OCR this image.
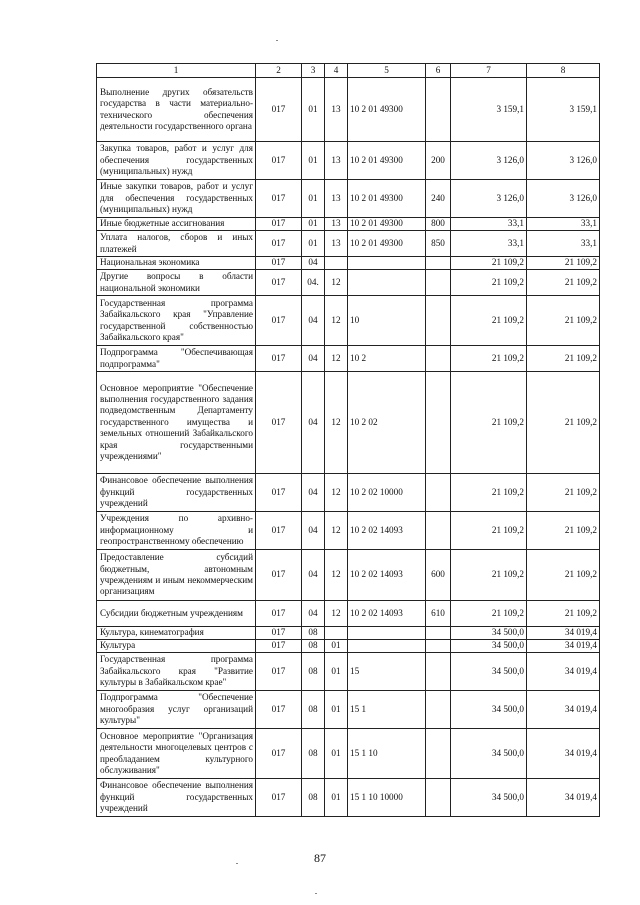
1	2	3	4	5	6	7	8
Выполнение других обязательств государства в части материально-технического обеспечения деятельности государственного органа	017	01	13	10 2 01 49300		3 159,1	3 159,1
Закупка товаров, работ и услуг для обеспечения государственных (муниципальных) нужд	017	01	13	10 2 01 49300	200	3 126,0	3 126,0
Иные закупки товаров, работ и услуг для обеспечения государственных (муниципальных) нужд	017	01	13	10 2 01 49300	240	3 126,0	3 126,0
Иные бюджетные ассигнования	017	01	13	10 2 01 49300	800	33,1	33,1
Уплата налогов, сборов и иных платежей	017	01	13	10 2 01 49300	850	33,1	33,1
Национальная экономика	017	04				21 109,2	21 109,2
Другие вопросы в области национальной экономики	017	04.	12			21 109,2	21 109,2
Государственная программа Забайкальского края "Управление государственной собственностью Забайкальского края"	017	04	12	10		21 109,2	21 109,2
Подпрограмма "Обеспечивающая подпрограмма"	017	04	12	10 2		21 109,2	21 109,2
Основное мероприятие "Обеспечение выполнения государственного задания подведомственным Департаменту государственного имущества и земельных отношений Забайкальского края государственными учреждениями"	017	04	12	10 2 02		21 109,2	21 109,2
Финансовое обеспечение выполнения функций государственных учреждений	017	04	12	10 2 02 10000		21 109,2	21 109,2
Учреждения по архивно-информационному и геопространственному обеспечению	017	04	12	10 2 02 14093		21 109,2	21 109,2
Предоставление субсидий бюджетным, автономным учреждениям и иным некоммерческим организациям	017	04	12	10 2 02 14093	600	21 109,2	21 109,2
Субсидии бюджетным учреждениям	017	04	12	10 2 02 14093	610	21 109,2	21 109,2
Культура, кинематография	017	08				34 500,0	34 019,4
Культура	017	08	01			34 500,0	34 019,4
Государственная программа Забайкальского края "Развитие культуры в Забайкальском крае"	017	08	01	15		34 500,0	34 019,4
Подпрограмма "Обеспечение многообразия услуг организаций культуры"	017	08	01	15 1		34 500,0	34 019,4
Основное мероприятие "Организация деятельности многоцелевых центров с преобладанием культурного обслуживания"	017	08	01	15 1 10		34 500,0	34 019,4
Финансовое обеспечение выполнения функций государственных учреждений	017	08	01	15 1 10 10000		34 500,0	34 019,4
87
